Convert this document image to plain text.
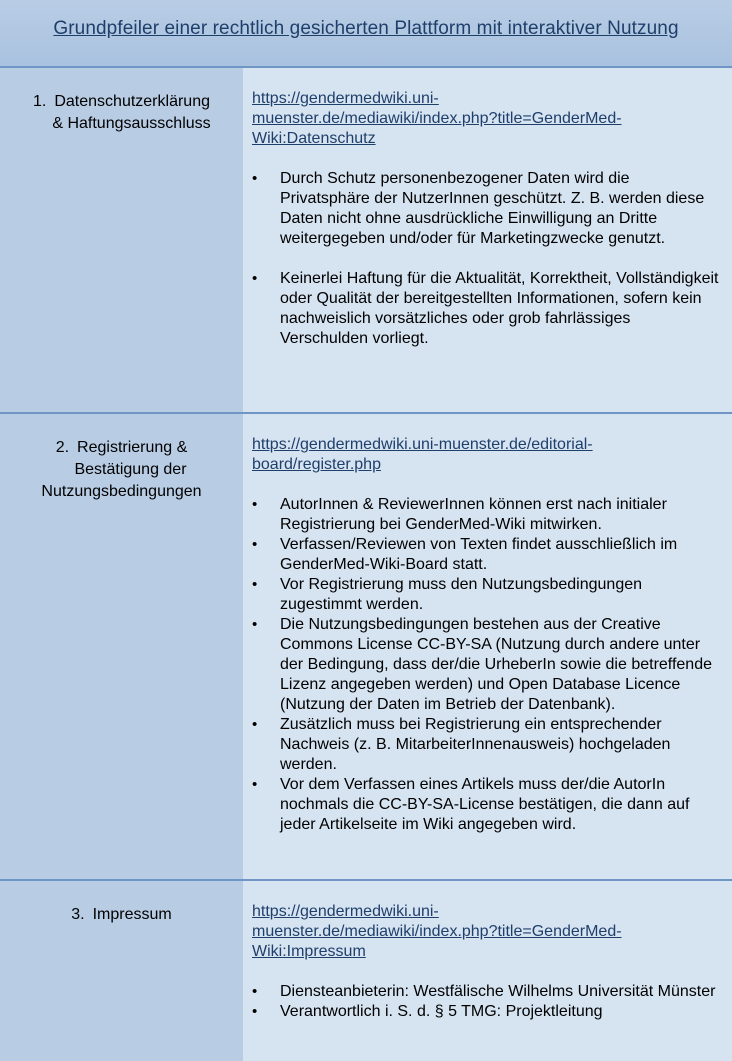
Grundpfeiler einer rechtlich gesicherten Plattform mit interaktiver Nutzung
1. Datenschutzerklärung
& Haftungsausschluss
https://gendermedwiki.uni-
muenster.de/mediawiki/index.php?title=GenderMed-
Wiki:Datenschutz
• Durch Schutz personenbezogener Daten wird die Privatsphäre der NutzerInnen geschützt. Z. B. werden diese Daten nicht ohne ausdrückliche Einwilligung an Dritte weitergegeben und/oder für Marketingzwecke genutzt.
• Keinerlei Haftung für die Aktualität, Korrektheit, Vollständigkeit oder Qualität der bereitgestellten Informationen, sofern kein nachweislich vorsätzliches oder grob fahrlässiges Verschulden vorliegt.
2. Registrierung &
Bestätigung der
Nutzungsbedingungen
https://gendermedwiki.uni-muenster.de/editorial-
board/register.php
• AutorInnen & ReviewerInnen können erst nach initialer Registrierung bei GenderMed-Wiki mitwirken.
• Verfassen/Reviewen von Texten findet ausschließlich im GenderMed-Wiki-Board statt.
• Vor Registrierung muss den Nutzungsbedingungen zugestimmt werden.
• Die Nutzungsbedingungen bestehen aus der Creative Commons License CC-BY-SA (Nutzung durch andere unter der Bedingung, dass der/die UrheberIn sowie die betreffende Lizenz angegeben werden) und Open Database Licence (Nutzung der Daten im Betrieb der Datenbank).
• Zusätzlich muss bei Registrierung ein entsprechender Nachweis (z. B. MitarbeiterInnenausweis) hochgeladen werden.
• Vor dem Verfassen eines Artikels muss der/die AutorIn nochmals die CC-BY-SA-License bestätigen, die dann auf jeder Artikelseite im Wiki angegeben wird.
3. Impressum	https://gendermedwiki.uni-
muenster.de/mediawiki/index.php?title=GenderMed-
Wiki:Impressum
• Diensteanbieterin: Westfälische Wilhelms Universität Münster
• Verantwortlich i. S. d. § 5 TMG: Projektleitung
